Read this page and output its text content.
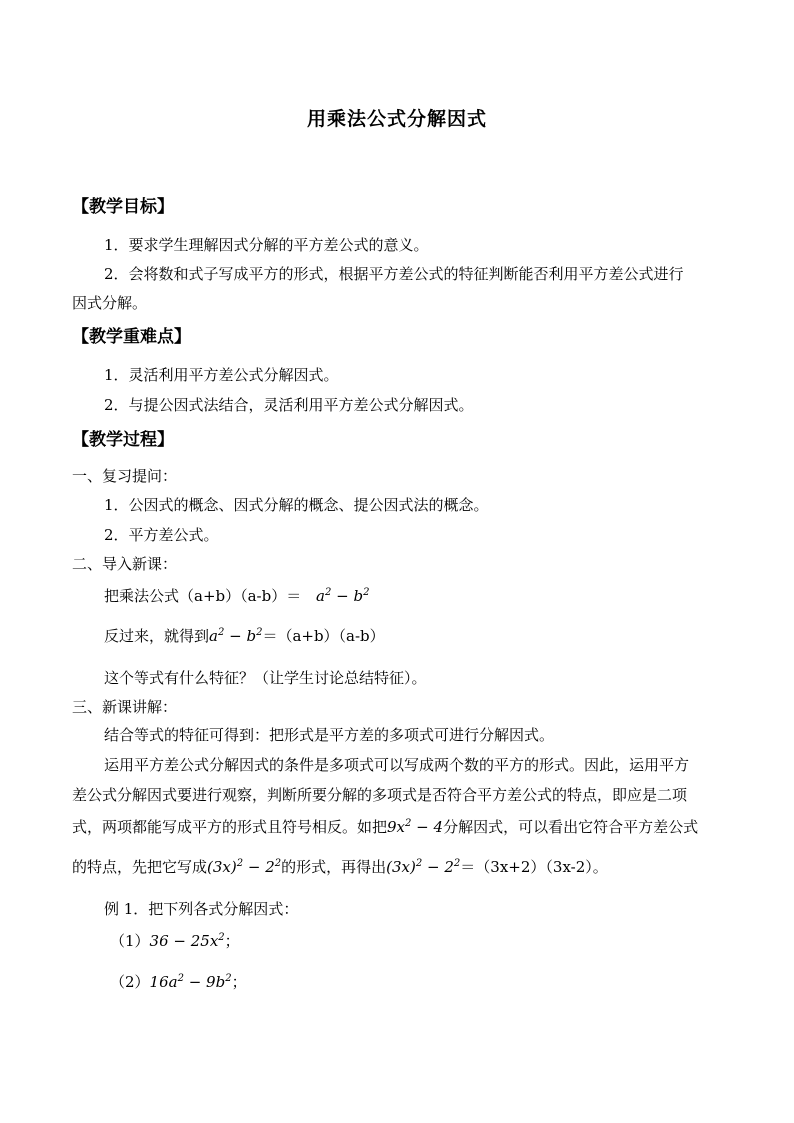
用乘法公式分解因式
【教学目标】
1．要求学生理解因式分解的平方差公式的意义。
2．会将数和式子写成平方的形式，根据平方差公式的特征判断能否利用平方差公式进行
因式分解。
【教学重难点】
1．灵活利用平方差公式分解因式。
2．与提公因式法结合，灵活利用平方差公式分解因式。
【教学过程】
一、复习提问：
1．公因式的概念、因式分解的概念、提公因式法的概念。
2．平方差公式。
二、导入新课：
把乘法公式$(a+b)(a-b)= a^2 - b^2$
反过来，就得到$a^2 - b^2=(a+b)(a-b)$
这个等式有什么特征？（让学生讨论总结特征）。
三、新课讲解：
结合等式的特征可得到：把形式是平方差的多项式可进行分解因式。
运用平方差公式分解因式的条件是多项式可以写成两个数的平方的形式。因此，运用平方
差公式分解因式要进行观察，判断所要分解的多项式是否符合平方差公式的特点，即应是二项
式，两项都能写成平方的形式且符号相反。如把$9x^2 - 4$分解因式，可以看出它符合平方差公式
的特点，先把它写成$(3x)^2 - 2^2$的形式，再得出$(3x)^2 - 2^2=(3x+2)(3x-2)$。
例 1．把下列各式分解因式：
$(1)36 - 25x^2$；
$(2)16a^2 - 9b^2$；
